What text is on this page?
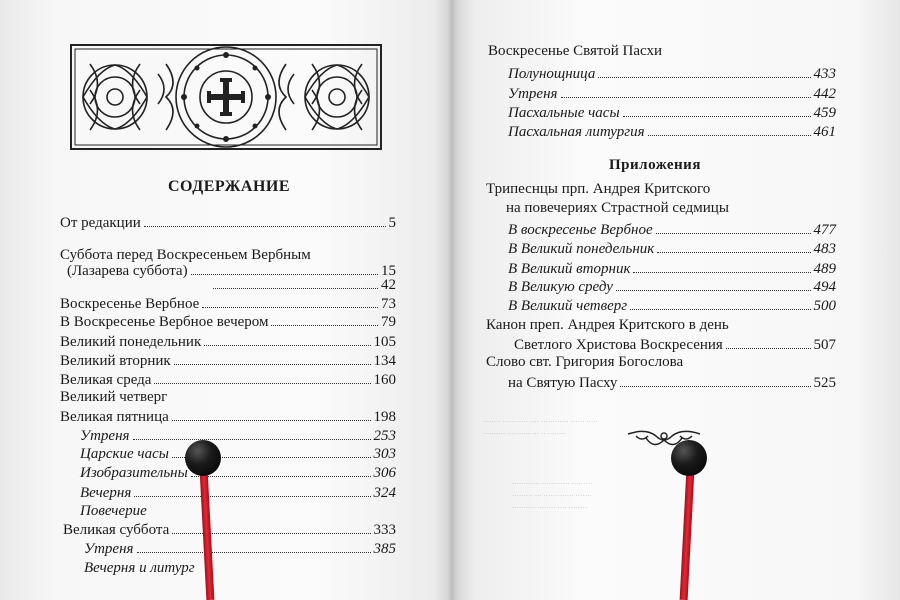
СОДЕРЖАНИЕ
От редакции	5
Суббота перед Воскресеньем Вербным
(Лазарева суббота)	15
42
Воскресенье Вербное	73
В Воскресенье Вербное вечером	79
Великий понедельник	105
Великий вторник	134
Великая среда	160
Великий четверг
Великая пятница	198
Утреня	253
Царские часы	303
Изобразительны	306
Вечерня	324
Повечерие
Великая суббота	333
Утреня	385
Вечерня и литург
Воскресенье Святой Пасхи
Полунощница	433
Утреня	442
Пасхальные часы	459
Пасхальная литургия	461
Приложения
Трипеснцы прп. Андрея Критского
на повечериях Страстной седмицы
В воскресенье Вербное	477
В Великий понедельник	483
В Великий вторник	489
В Великую среду	494
В Великий четверг	500
Канон преп. Андрея Критского в день
Светлого Христова Воскресения	507
Слово свт. Григория Богослова
на Святую Пасху	525
········ ··········· ···· ············ ······ ·····
·········· ·········· ··· ·· ········
············ ············ ·········
········· ··· ············· ·······
·········· ········ ···· ········
